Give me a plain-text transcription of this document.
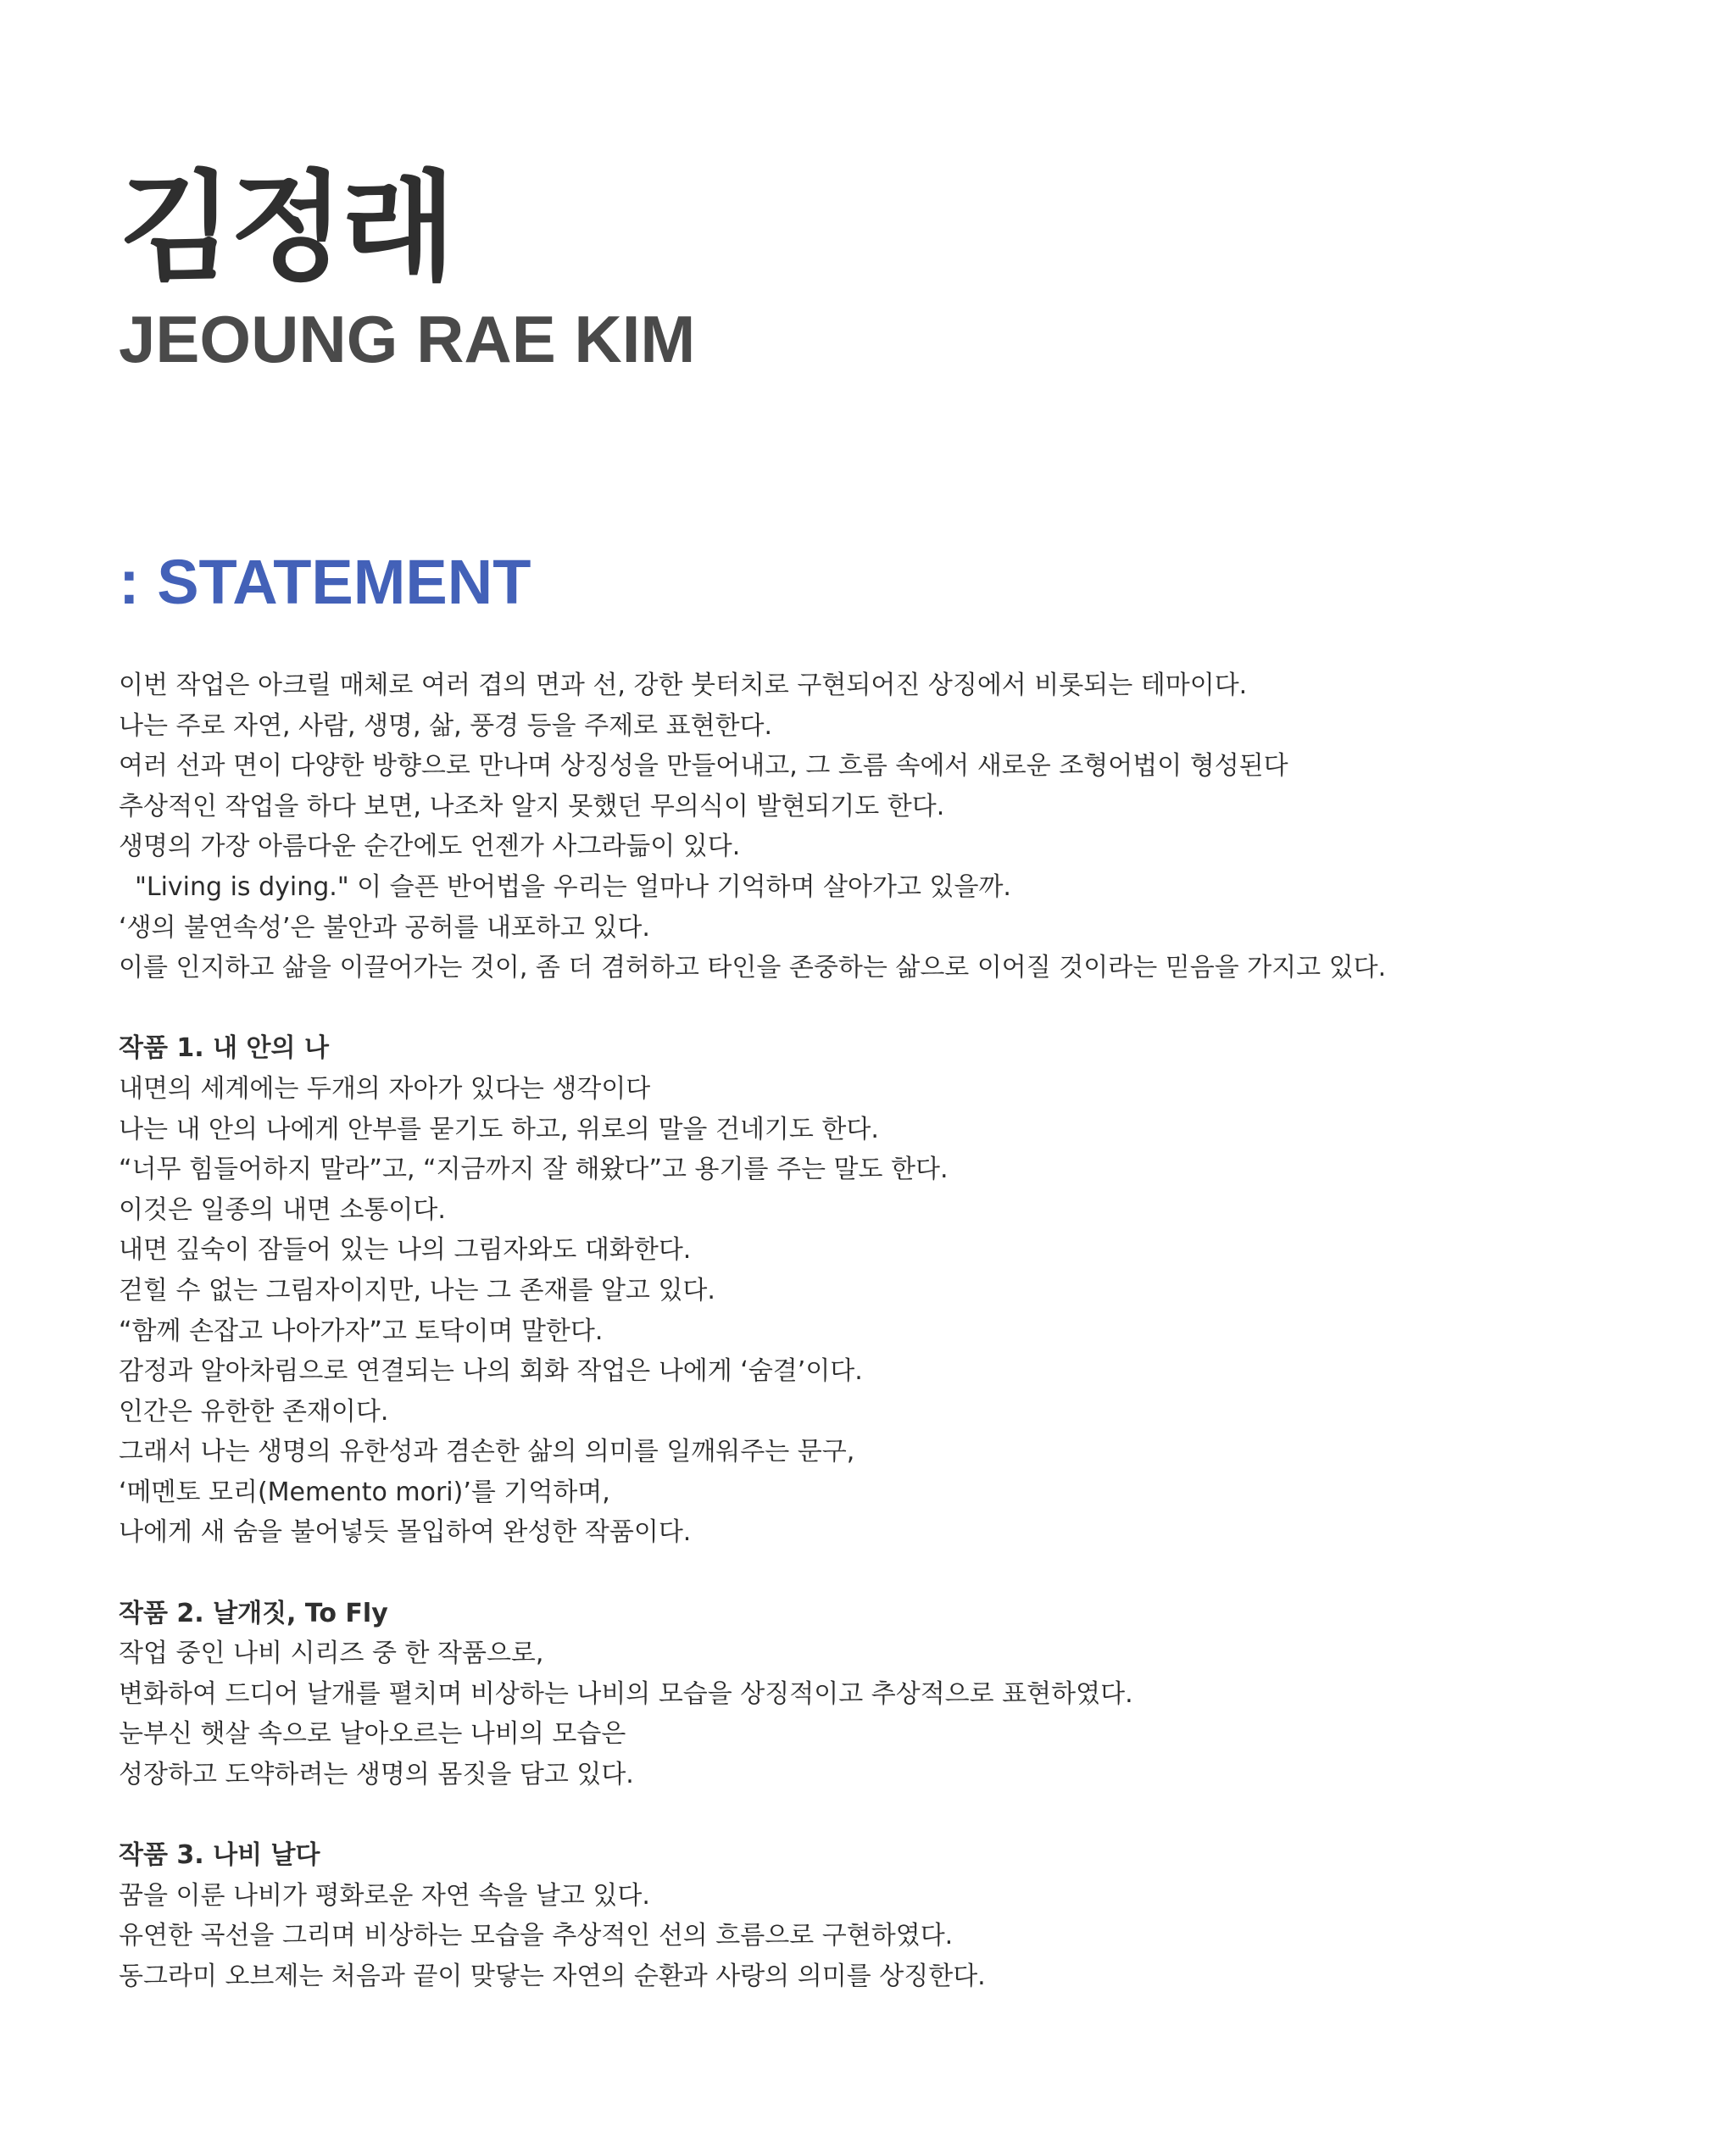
김정래
JEOUNG RAE KIM
: STATEMENT
이번 작업은 아크릴 매체로 여러 겹의 면과 선, 강한 붓터치로 구현되어진 상징에서 비롯되는 테마이다.
나는 주로 자연, 사람, 생명, 삶, 풍경 등을 주제로 표현한다.
여러 선과 면이 다양한 방향으로 만나며 상징성을 만들어내고, 그 흐름 속에서 새로운 조형어법이 형성된다
추상적인 작업을 하다 보면, 나조차 알지 못했던 무의식이 발현되기도 한다.
생명의 가장 아름다운 순간에도 언젠가 사그라듦이 있다.
"Living is dying." 이 슬픈 반어법을 우리는 얼마나 기억하며 살아가고 있을까.
‘생의 불연속성’은 불안과 공허를 내포하고 있다.
이를 인지하고 삶을 이끌어가는 것이, 좀 더 겸허하고 타인을 존중하는 삶으로 이어질 것이라는 믿음을 가지고 있다.
작품 1. 내 안의 나
내면의 세계에는 두개의 자아가 있다는 생각이다
나는 내 안의 나에게 안부를 묻기도 하고, 위로의 말을 건네기도 한다.
“너무 힘들어하지 말라”고, “지금까지 잘 해왔다”고 용기를 주는 말도 한다.
이것은 일종의 내면 소통이다.
내면 깊숙이 잠들어 있는 나의 그림자와도 대화한다.
걷힐 수 없는 그림자이지만, 나는 그 존재를 알고 있다.
“함께 손잡고 나아가자”고 토닥이며 말한다.
감정과 알아차림으로 연결되는 나의 회화 작업은 나에게 ‘숨결’이다.
인간은 유한한 존재이다.
그래서 나는 생명의 유한성과 겸손한 삶의 의미를 일깨워주는 문구,
‘메멘토 모리(Memento mori)’를 기억하며,
나에게 새 숨을 불어넣듯 몰입하여 완성한 작품이다.
작품 2. 날개짓, To Fly
작업 중인 나비 시리즈 중 한 작품으로,
변화하여 드디어 날개를 펼치며 비상하는 나비의 모습을 상징적이고 추상적으로 표현하였다.
눈부신 햇살 속으로 날아오르는 나비의 모습은
성장하고 도약하려는 생명의 몸짓을 담고 있다.
작품 3. 나비 날다
꿈을 이룬 나비가 평화로운 자연 속을 날고 있다.
유연한 곡선을 그리며 비상하는 모습을 추상적인 선의 흐름으로 구현하였다.
동그라미 오브제는 처음과 끝이 맞닿는 자연의 순환과 사랑의 의미를 상징한다.
